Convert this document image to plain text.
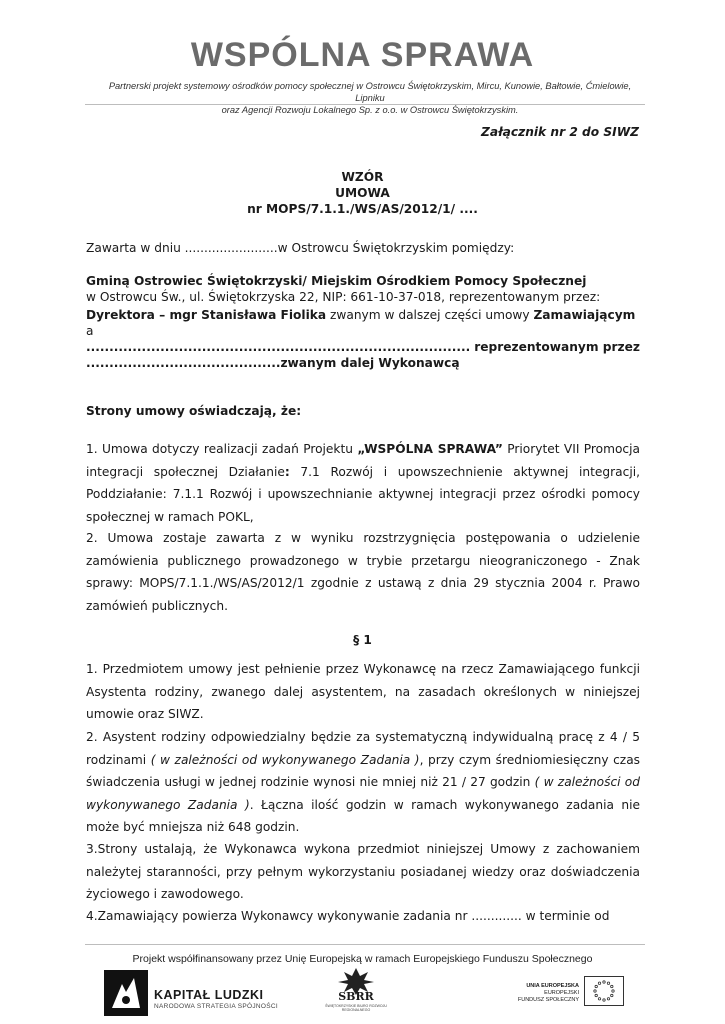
WSPÓLNA SPRAWA
Partnerski projekt systemowy ośrodków pomocy społecznej w Ostrowcu Świętokrzyskim, Mircu, Kunowie, Bałtowie, Ćmielowie, Lipniku
oraz Agencji Rozwoju Lokalnego Sp. z o.o. w Ostrowcu Świętokrzyskim.
Załącznik nr 2 do SIWZ
WZÓR
UMOWA
nr MOPS/7.1.1./WS/AS/2012/1/ ....
Zawarta w dniu ........................w Ostrowcu Świętokrzyskim pomiędzy:
Gminą Ostrowiec Świętokrzyski/ Miejskim Ośrodkiem Pomocy Społecznej
w Ostrowcu Św., ul. Świętokrzyska 22, NIP: 661-10-37-018, reprezentowanym przez:
Dyrektora – mgr Stanisława Fiolika zwanym w dalszej części umowy Zamawiającym
a
................................................................................... reprezentowanym przez
..........................................zwanym dalej Wykonawcą
Strony umowy oświadczają, że:
1. Umowa dotyczy realizacji zadań Projektu „WSPÓLNA SPRAWA” Priorytet VII Promocja integracji społecznej Działanie: 7.1 Rozwój i upowszechnienie aktywnej integracji, Poddziałanie: 7.1.1 Rozwój i upowszechnianie aktywnej integracji przez ośrodki pomocy społecznej w ramach POKL,
2. Umowa zostaje zawarta z w wyniku rozstrzygnięcia postępowania o udzielenie zamówienia publicznego prowadzonego w trybie przetargu nieograniczonego - Znak sprawy: MOPS/7.1.1./WS/AS/2012/1 zgodnie z ustawą z dnia 29 stycznia 2004 r. Prawo zamówień publicznych.
§ 1
1. Przedmiotem umowy jest pełnienie przez Wykonawcę na rzecz Zamawiającego funkcji Asystenta rodziny, zwanego dalej asystentem, na zasadach określonych w niniejszej umowie oraz SIWZ.
2. Asystent rodziny odpowiedzialny będzie za systematyczną indywidualną pracę z 4 / 5 rodzinami ( w zależności od wykonywanego Zadania ), przy czym średniomiesięczny czas świadczenia usługi w jednej rodzinie wynosi nie mniej niż 21 / 27 godzin ( w zależności od wykonywanego Zadania ). Łączna ilość godzin w ramach wykonywanego zadania nie może być mniejsza niż 648 godzin.
3.Strony ustalają, że Wykonawca wykona przedmiot niniejszej Umowy z zachowaniem należytej staranności, przy pełnym wykorzystaniu posiadanej wiedzy oraz doświadczenia życiowego i zawodowego.
4.Zamawiający powierza Wykonawcy wykonywanie zadania nr ............. w terminie od
Projekt współfinansowany przez Unię Europejską w ramach Europejskiego Funduszu Społecznego
KAPITAŁ LUDZKI
NARODOWA STRATEGIA SPÓJNOŚCI
SBRR
ŚWIĘTOKRZYSKIE BIURO ROZWOJU REGIONALNEGO
UNIA EUROPEJSKA
EUROPEJSKI
FUNDUSZ SPOŁECZNY
